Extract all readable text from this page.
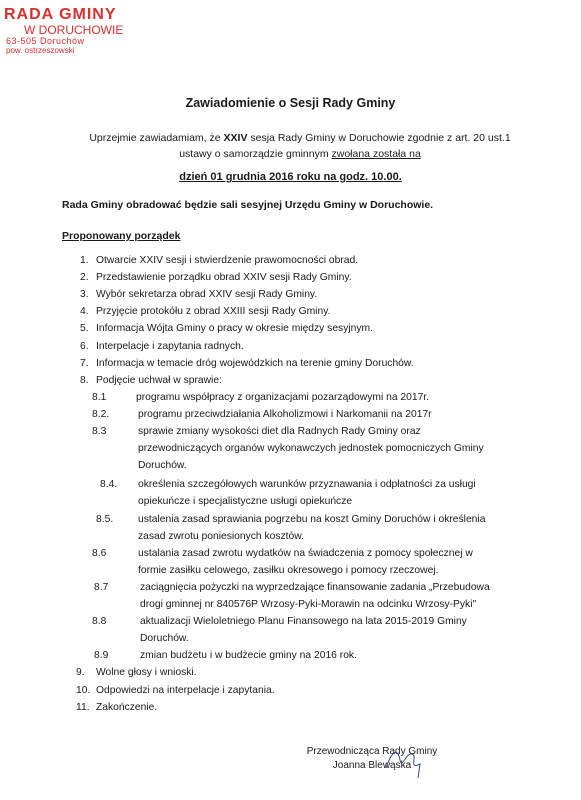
RADA GMINY
W DORUCHOWIE
63-505 Doruchów
pow. ostrzeszowski
Zawiadomienie o Sesji Rady Gminy
Uprzejmie zawiadamiam, że XXIV sesja Rady Gminy w Doruchowie zgodnie z art. 20 ust.1
ustawy o samorządzie gminnym zwołana została na
dzień 01 grudnia 2016 roku na godz. 10.00.
Rada Gminy obradować będzie sali sesyjnej Urzędu Gminy w Doruchowie.
Proponowany porządek
1. Otwarcie XXIV sesji i stwierdzenie prawomocności obrad.
2. Przedstawienie porządku obrad XXIV sesji Rady Gminy.
3. Wybór sekretarza obrad XXIV sesji Rady Gminy.
4. Przyjęcie protokółu z obrad XXIII sesji Rady Gminy.
5. Informacja Wójta Gminy o pracy w okresie między sesyjnym.
6. Interpelacje i zapytania radnych.
7. Informacja w temacie dróg wojewódzkich na terenie gminy Doruchów.
8. Podjęcie uchwał w sprawie:
8.1	programu współpracy z organizacjami pozarządowymi na 2017r.
8.2.	programu przeciwdziałania Alkoholizmowi i Narkomanii na 2017r
8.3	sprawie zmiany wysokości diet dla Radnych Rady Gminy oraz
przewodniczących organów wykonawczych jednostek pomocniczych Gminy
Doruchów.
8.4. określenia szczegółowych warunków przyznawania i odpłatności za usługi
opiekuńcze i specjalistyczne usługi opiekuńcze
8.5. ustalenia zasad sprawiania pogrzebu na koszt Gminy Doruchów i określenia
zasad zwrotu poniesionych kosztów.
8.6	ustalania zasad zwrotu wydatków na świadczenia z pomocy społecznej w
formie zasiłku celowego, zasiłku okresowego i pomocy rzeczowej.
8.7	zaciągnięcia pożyczki na wyprzedzające finansowanie zadania „Przebudowa
drogi gminnej nr 840576P Wrzosy-Pyki-Morawin na odcinku Wrzosy-Pyki"
8.8	aktualizacji Wieloletniego Planu Finansowego na lata 2015-2019 Gminy
Doruchów.
8.9	zmian budżetu i w budżecie gminy na 2016 rok.
9. Wolne głosy i wnioski.
10. Odpowiedzi na interpelacje i zapytania.
11. Zakończenie.
Przewodnicząca Rady Gminy
Joanna Blewąska
